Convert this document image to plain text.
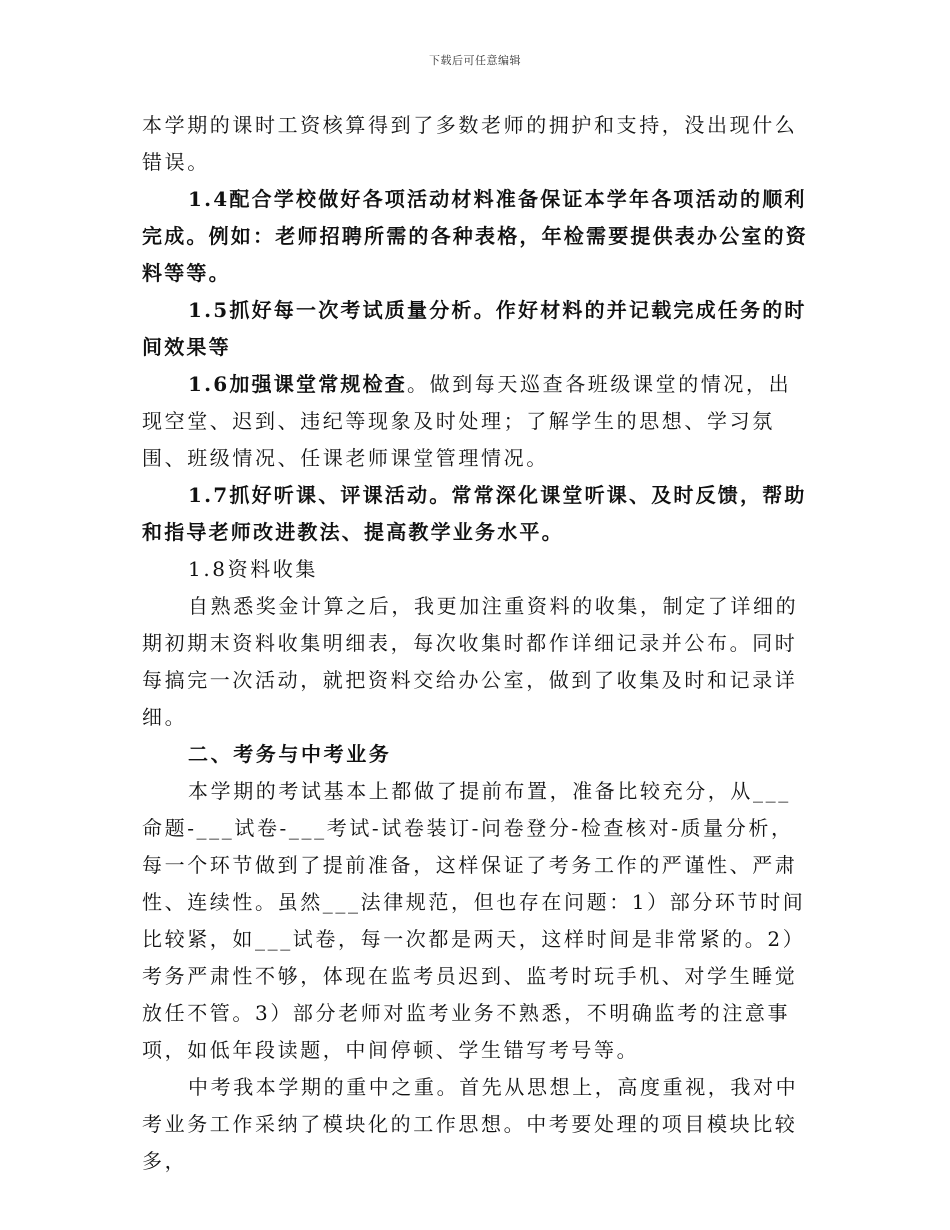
下载后可任意编辑

本学期的课时工资核算得到了多数老师的拥护和支持，没出现什么错误。

1.4配合学校做好各项活动材料准备保证本学年各项活动的顺利完成。例如：老师招聘所需的各种表格，年检需要提供表办公室的资料等等。

1.5抓好每一次考试质量分析。作好材料的并记载完成任务的时间效果等

1.6加强课堂常规检查。做到每天巡查各班级课堂的情况，出现空堂、迟到、违纪等现象及时处理；了解学生的思想、学习氛围、班级情况、任课老师课堂管理情况。

1.7抓好听课、评课活动。常常深化课堂听课、及时反馈，帮助和指导老师改进教法、提高教学业务水平。

1.8资料收集

自熟悉奖金计算之后，我更加注重资料的收集，制定了详细的期初期末资料收集明细表，每次收集时都作详细记录并公布。同时每搞完一次活动，就把资料交给办公室，做到了收集及时和记录详细。

二、考务与中考业务

本学期的考试基本上都做了提前布置，准备比较充分，从___命题-___试卷-___考试-试卷装订-问卷登分-检查核对-质量分析，每一个环节做到了提前准备，这样保证了考务工作的严谨性、严肃性、连续性。虽然___法律规范，但也存在问题：1）部分环节时间比较紧，如___试卷，每一次都是两天，这样时间是非常紧的。2）考务严肃性不够，体现在监考员迟到、监考时玩手机、对学生睡觉放任不管。3）部分老师对监考业务不熟悉，不明确监考的注意事项，如低年段读题，中间停顿、学生错写考号等。

中考我本学期的重中之重。首先从思想上，高度重视，我对中考业务工作采纳了模块化的工作思想。中考要处理的项目模块比较多，
